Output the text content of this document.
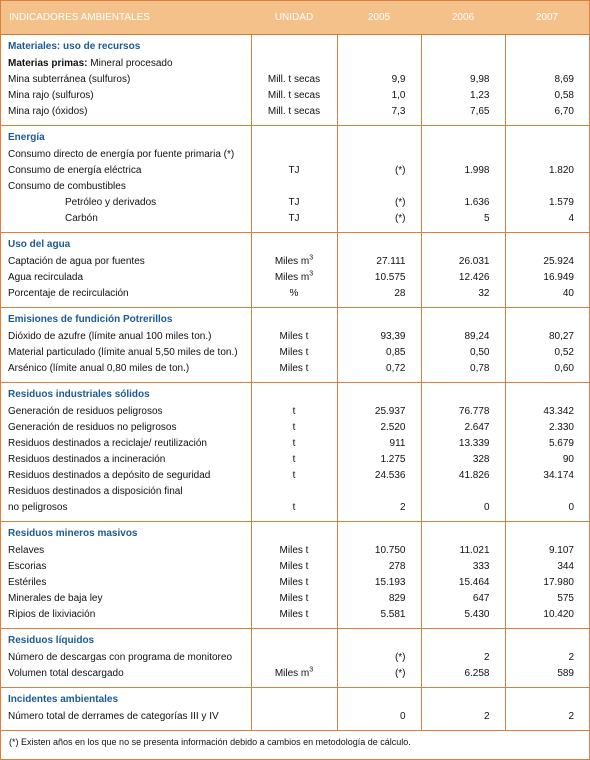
INDICADORES AMBIENTALES	UNIDAD	2005	2006	2007
Materiales: uso de recursos				
Materias primas: Mineral procesado				
Mina subterránea (sulfuros)	Mill. t secas	9,9	9,98	8,69
Mina rajo (sulfuros)	Mill. t secas	1,0	1,23	0,58
Mina rajo (óxidos)	Mill. t secas	7,3	7,65	6,70

Energía				
Consumo directo de energía por fuente primaria (*)				
Consumo de energía eléctrica	TJ	(*)	1.998	1.820
Consumo de combustibles				
Petróleo y derivados	TJ	(*)	1.636	1.579
Carbón	TJ	(*)	5	4

Uso del agua				
Captación de agua por fuentes	Miles $m^3$	27.111	26.031	25.924
Agua recirculada	Miles $m^3$	10.575	12.426	16.949
Porcentaje de recirculación	%	28	32	40

Emisiones de fundición Potrerillos				
Dióxido de azufre (límite anual 100 miles ton.)	Miles t	93,39	89,24	80,27
Material particulado (límite anual 5,50 miles de ton.)	Miles t	0,85	0,50	0,52
Arsénico (límite anual 0,80 miles de ton.)	Miles t	0,72	0,78	0,60

Residuos industriales sólidos				
Generación de residuos peligrosos	t	25.937	76.778	43.342
Generación de residuos no peligrosos	t	2.520	2.647	2.330
Residuos destinados a reciclaje/ reutilización	t	911	13.339	5.679
Residuos destinados a incineración	t	1.275	328	90
Residuos destinados a depósito de seguridad	t	24.536	41.826	34.174
Residuos destinados a disposición final				
no peligrosos	t	2	0	0

Residuos mineros masivos				
Relaves	Miles t	10.750	11.021	9.107
Escorias	Miles t	278	333	344
Estériles	Miles t	15.193	15.464	17.980
Minerales de baja ley	Miles t	829	647	575
Ripios de lixiviación	Miles t	5.581	5.430	10.420

Residuos líquidos				
Número de descargas con programa de monitoreo		(*)	2	2
Volumen total descargado	Miles $m^3$	(*)	6.258	589

Incidentes ambientales				
Número total de derrames de categorías III y IV		0	2	2

(*) Existen años en los que no se presenta información debido a cambios en metodología de cálculo.				
